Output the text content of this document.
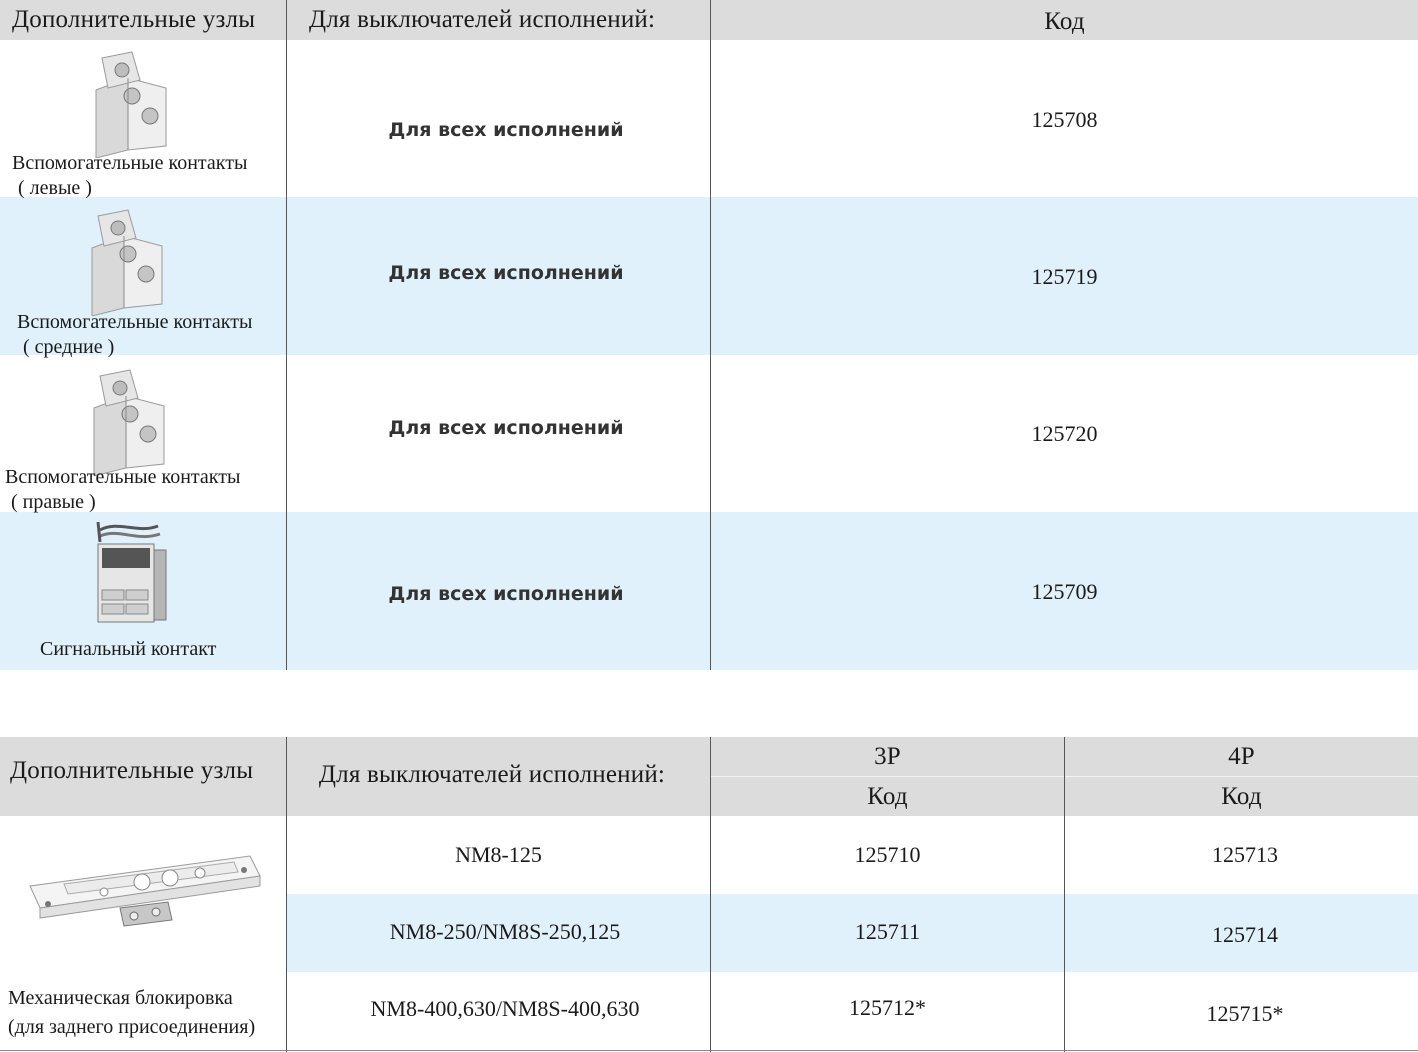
Дополнительные узлы	Для выключателей исполнений:	Код
Вспомогательные контакты
( левые )
Для всех исполнений	125708
Вспомогательные контакты
( средние )
Для всех исполнений	125719
Вспомогательные контакты
( правые )
Для всех исполнений	125720
Сигнальный контакт
Для всех исполнений	125709
Дополнительные узлы	Для выключателей исполнений:
3P	4P
Код	Код
Механическая блокировка
(для заднего присоединения)
NM8-125	125710	125713
NM8-250/NM8S-250,125	125711	125714
NM8-400,630/NM8S-400,630	125712*	125715*
